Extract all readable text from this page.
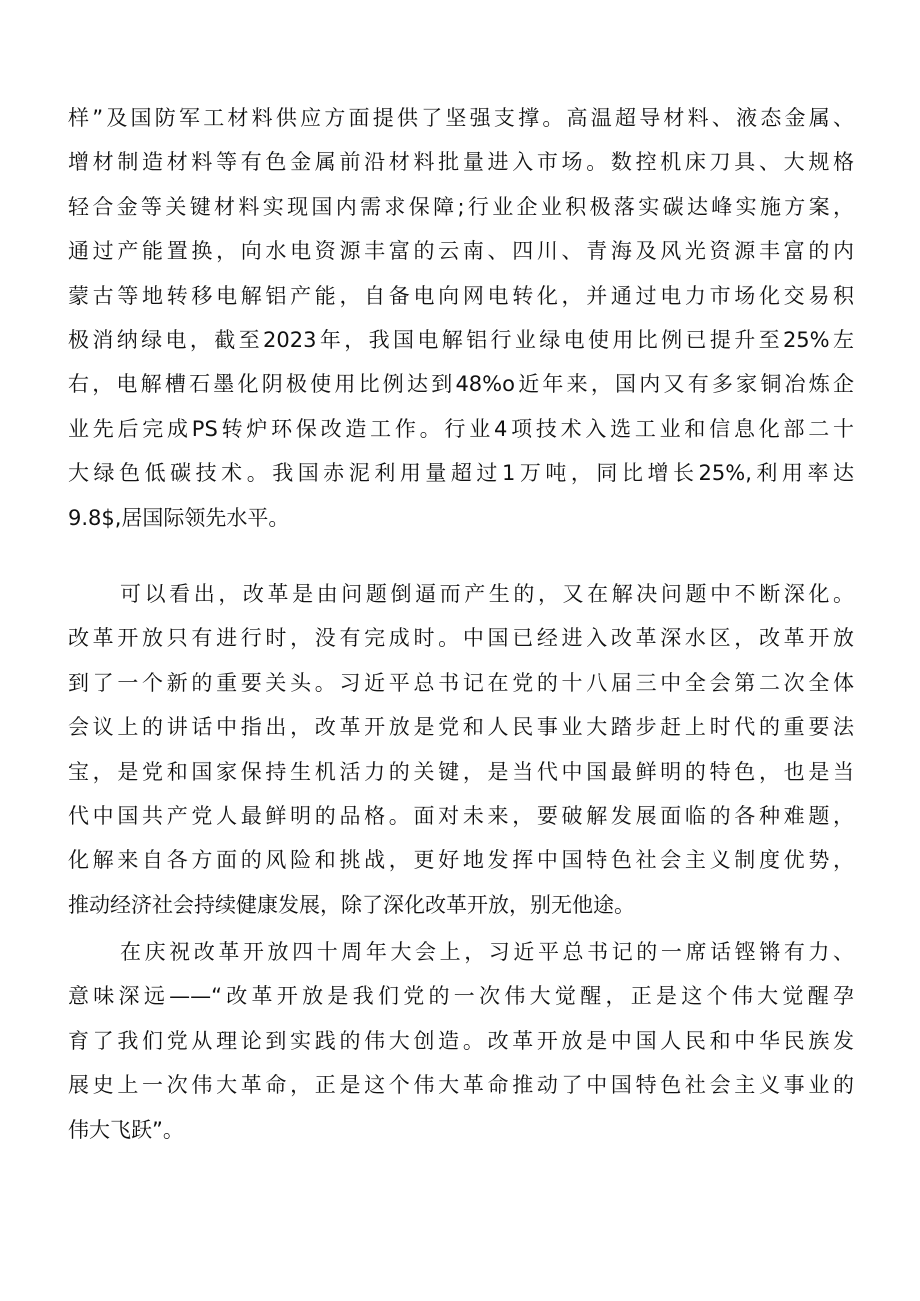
样”及国防军工材料供应方面提供了坚强支撑。高温超导材料、液态金属、
增材制造材料等有色金属前沿材料批量进入市场。数控机床刀具、大规格
轻合金等关键材料实现国内需求保障;行业企业积极落实碳达峰实施方案，
通过产能置换，向水电资源丰富的云南、四川、青海及风光资源丰富的内
蒙古等地转移电解铝产能，自备电向网电转化，并通过电力市场化交易积
极消纳绿电，截至2023年，我国电解铝行业绿电使用比例已提升至25%左
右，电解槽石墨化阴极使用比例达到48%o近年来，国内又有多家铜冶炼企
业先后完成PS转炉环保改造工作。行业4项技术入选工业和信息化部二十
大绿色低碳技术。我国赤泥利用量超过1万吨，同比增长25%,利用率达
9.8$,居国际领先水平。

可以看出，改革是由问题倒逼而产生的，又在解决问题中不断深化。
改革开放只有进行时，没有完成时。中国已经进入改革深水区，改革开放
到了一个新的重要关头。习近平总书记在党的十八届三中全会第二次全体
会议上的讲话中指出，改革开放是党和人民事业大踏步赶上时代的重要法
宝，是党和国家保持生机活力的关键，是当代中国最鲜明的特色，也是当
代中国共产党人最鲜明的品格。面对未来，要破解发展面临的各种难题，
化解来自各方面的风险和挑战，更好地发挥中国特色社会主义制度优势，
推动经济社会持续健康发展，除了深化改革开放，别无他途。

在庆祝改革开放四十周年大会上，习近平总书记的一席话铿锵有力、
意味深远——“改革开放是我们党的一次伟大觉醒，正是这个伟大觉醒孕
育了我们党从理论到实践的伟大创造。改革开放是中国人民和中华民族发
展史上一次伟大革命，正是这个伟大革命推动了中国特色社会主义事业的
伟大飞跃”。
